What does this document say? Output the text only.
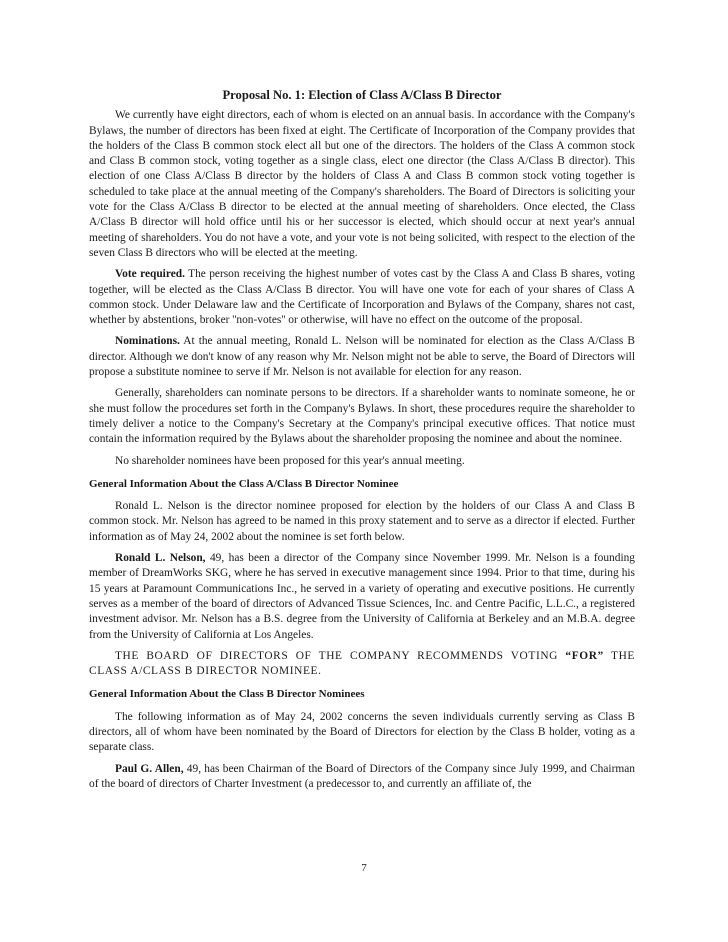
Proposal No. 1: Election of Class A/Class B Director

We currently have eight directors, each of whom is elected on an annual basis. In accordance with the Company's Bylaws, the number of directors has been fixed at eight. The Certificate of Incorporation of the Company provides that the holders of the Class B common stock elect all but one of the directors. The holders of the Class A common stock and Class B common stock, voting together as a single class, elect one director (the Class A/Class B director). This election of one Class A/Class B director by the holders of Class A and Class B common stock voting together is scheduled to take place at the annual meeting of the Company's shareholders. The Board of Directors is soliciting your vote for the Class A/Class B director to be elected at the annual meeting of shareholders. Once elected, the Class A/Class B director will hold office until his or her successor is elected, which should occur at next year's annual meeting of shareholders. You do not have a vote, and your vote is not being solicited, with respect to the election of the seven Class B directors who will be elected at the meeting.

Vote required. The person receiving the highest number of votes cast by the Class A and Class B shares, voting together, will be elected as the Class A/Class B director. You will have one vote for each of your shares of Class A common stock. Under Delaware law and the Certificate of Incorporation and Bylaws of the Company, shares not cast, whether by abstentions, broker ''non-votes'' or otherwise, will have no effect on the outcome of the proposal.

Nominations. At the annual meeting, Ronald L. Nelson will be nominated for election as the Class A/Class B director. Although we don't know of any reason why Mr. Nelson might not be able to serve, the Board of Directors will propose a substitute nominee to serve if Mr. Nelson is not available for election for any reason.

Generally, shareholders can nominate persons to be directors. If a shareholder wants to nominate someone, he or she must follow the procedures set forth in the Company's Bylaws. In short, these procedures require the shareholder to timely deliver a notice to the Company's Secretary at the Company's principal executive offices. That notice must contain the information required by the Bylaws about the shareholder proposing the nominee and about the nominee.

No shareholder nominees have been proposed for this year's annual meeting.

General Information About the Class A/Class B Director Nominee

Ronald L. Nelson is the director nominee proposed for election by the holders of our Class A and Class B common stock. Mr. Nelson has agreed to be named in this proxy statement and to serve as a director if elected. Further information as of May 24, 2002 about the nominee is set forth below.

Ronald L. Nelson, 49, has been a director of the Company since November 1999. Mr. Nelson is a founding member of DreamWorks SKG, where he has served in executive management since 1994. Prior to that time, during his 15 years at Paramount Communications Inc., he served in a variety of operating and executive positions. He currently serves as a member of the board of directors of Advanced Tissue Sciences, Inc. and Centre Pacific, L.L.C., a registered investment advisor. Mr. Nelson has a B.S. degree from the University of California at Berkeley and an M.B.A. degree from the University of California at Los Angeles.

THE BOARD OF DIRECTORS OF THE COMPANY RECOMMENDS VOTING “FOR” THE CLASS A/CLASS B DIRECTOR NOMINEE.

General Information About the Class B Director Nominees

The following information as of May 24, 2002 concerns the seven individuals currently serving as Class B directors, all of whom have been nominated by the Board of Directors for election by the Class B holder, voting as a separate class.

Paul G. Allen, 49, has been Chairman of the Board of Directors of the Company since July 1999, and Chairman of the board of directors of Charter Investment (a predecessor to, and currently an affiliate of, the

7
